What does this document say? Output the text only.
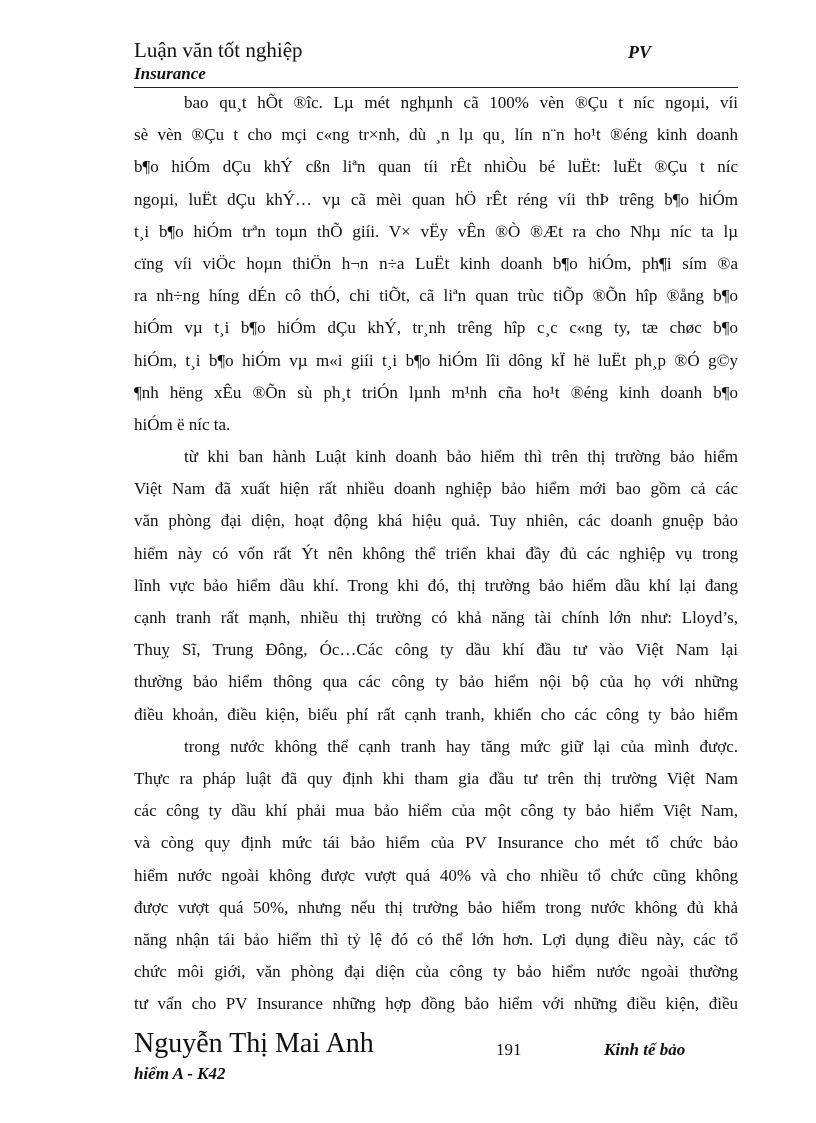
Luận văn tốt nghiệp	PV
Insurance
bao qu¸t hÕt ®îc. Lµ mét nghµnh cã 100% vèn ®Çu t níc ngoµi, víi
sè vèn ®Çu t cho mçi c«ng tr×nh, dù ¸n lµ qu¸ lín n¨n ho¹t ®éng kinh doanh
b¶o hiÓm dÇu khÝ cßn liªn quan tíi rÊt nhiÒu bé luËt: luËt ®Çu t níc
ngoµi, luËt dÇu khÝ… vµ cã mèi quan hÖ rÊt réng víi thÞ trêng b¶o hiÓm
t¸i b¶o hiÓm trªn toµn thÕ giíi. V× vËy vÊn ®Ò ®Æt ra cho Nhµ níc ta lµ
cïng víi viÖc hoµn thiÖn h¬n n÷a LuËt kinh doanh b¶o hiÓm, ph¶i sím ®a
ra nh÷ng híng dÉn cô thÓ, chi tiÕt, cã liªn quan trùc tiÕp ®Õn hîp ®ång b¶o
hiÓm vµ t¸i b¶o hiÓm dÇu khÝ, tr¸nh trêng hîp c¸c c«ng ty, tæ chøc b¶o
hiÓm, t¸i b¶o hiÓm vµ m«i giíi t¸i b¶o hiÓm lîi dông kÏ hë luËt ph¸p ®Ó g©y
¶nh hëng xÊu ®Õn sù ph¸t triÓn lµnh m¹nh cña ho¹t ®éng kinh doanh b¶o
hiÓm ë níc ta.
từ khi ban hành Luật kinh doanh bảo hiểm thì trên thị trường bảo hiểm
Việt Nam đã xuất hiện rất nhiều doanh nghiệp bảo hiểm mới bao gồm cả các
văn phòng đại diện, hoạt động khá hiệu quả. Tuy nhiên, các doanh gnuệp bảo
hiểm này có vốn rất Ýt nên không thể triển khai đầy đủ các nghiệp vụ trong
lĩnh vực bảo hiểm dầu khí. Trong khi đó, thị trường bảo hiểm dầu khí lại đang
cạnh tranh rất mạnh, nhiều thị trường có khả năng tài chính lớn như: Lloyd’s,
Thuỵ Sĩ, Trung Đông, Óc…Các công ty dầu khí đầu tư vào Việt Nam lại
thường bảo hiểm thông qua các công ty bảo hiểm nội bộ của họ với những
điều khoản, điều kiện, biểu phí rất cạnh tranh, khiến cho các công ty bảo hiểm
trong nước không thể cạnh tranh hay tăng mức giữ lại của mình được.
Thực ra pháp luật đã quy định khi tham gia đầu tư trên thị trường Việt Nam
các công ty dầu khí phải mua bảo hiểm của một công ty bảo hiểm Việt Nam,
và còng quy định mức tái bảo hiểm của PV Insurance cho mét tổ chức bảo
hiểm nước ngoài không được vượt quá 40% và cho nhiều tổ chức cũng không
được vượt quá 50%, nhưng nếu thị trường bảo hiểm trong nước không đủ khả
năng nhận tái bảo hiểm thì tỷ lệ đó có thể lớn hơn. Lợi dụng điều này, các tổ
chức môi giới, văn phòng đại diện của công ty bảo hiểm nước ngoài thường
tư vấn cho PV Insurance những hợp đồng bảo hiểm với những điều kiện, điều
Nguyễn Thị Mai Anh	191	Kinh tế bảo
hiểm A - K42
